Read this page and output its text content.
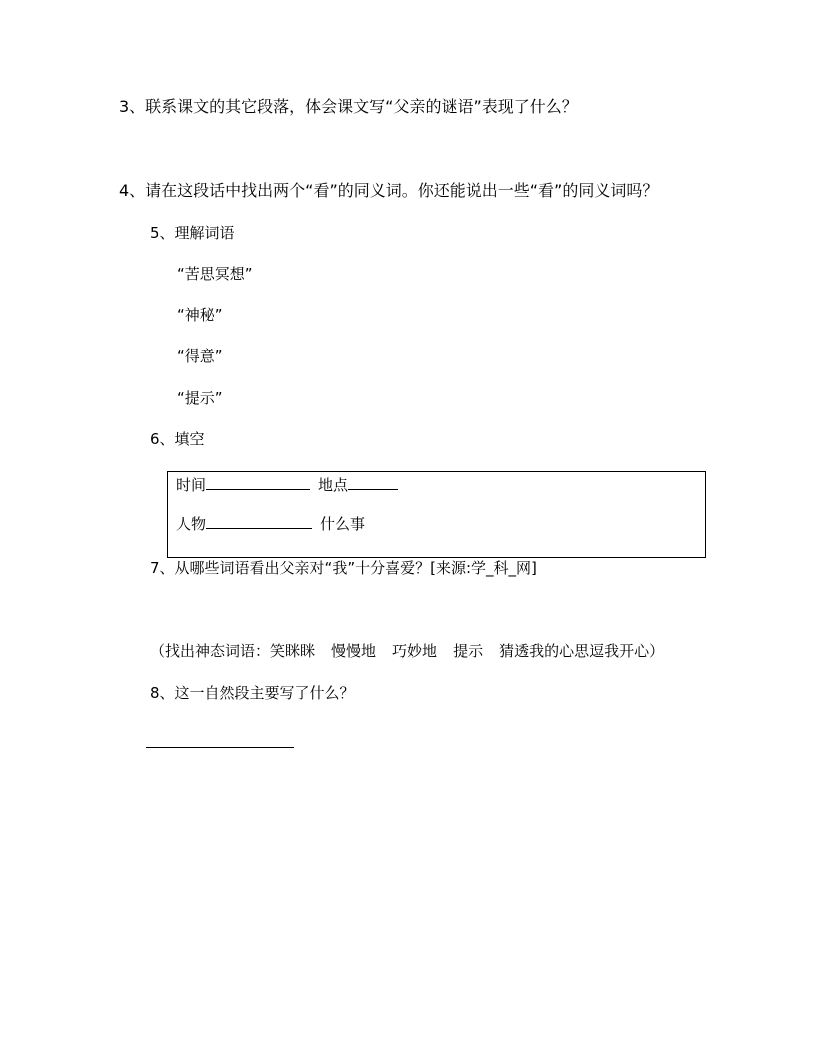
3、联系课文的其它段落，体会课文写“父亲的谜语”表现了什么？
4、请在这段话中找出两个“看”的同义词。你还能说出一些“看”的同义词吗？
5、理解词语
“苦思冥想”
“神秘”
“得意”
“提示”
6、填空
时间	地点
人物	什么事
7、从哪些词语看出父亲对“我”十分喜爱？[来源:学_科_网]
（找出神态词语：笑眯眯 慢慢地 巧妙地 提示 猜透我的心思逗我开心）
8、这一自然段主要写了什么？
